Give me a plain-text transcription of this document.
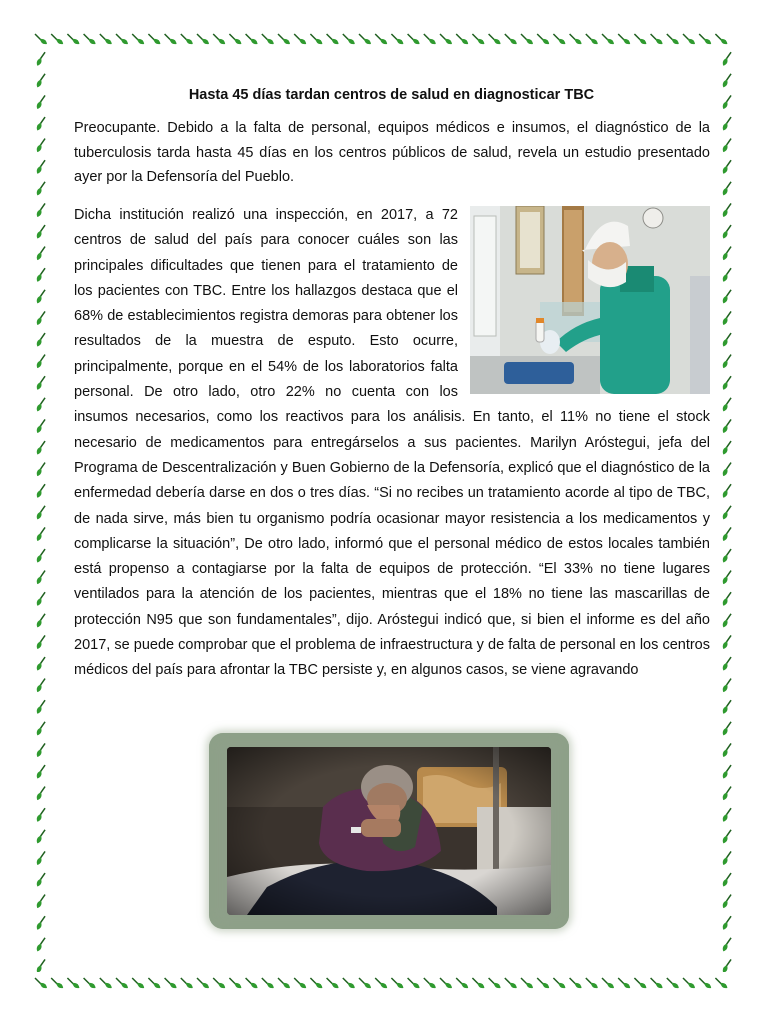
Hasta 45 días tardan centros de salud en diagnosticar TBC

Preocupante. Debido a la falta de personal, equipos médicos e insumos, el diagnóstico de la tuberculosis tarda hasta 45 días en los centros públicos de salud, revela un estudio presentado ayer por la Defensoría del Pueblo.

Dicha institución realizó una inspección, en 2017, a 72 centros de salud del país para conocer cuáles son las principales dificultades que tienen para el tratamiento de los pacientes con TBC. Entre los hallazgos destaca que el 68% de establecimientos registra demoras para obtener los resultados de la muestra de esputo. Esto ocurre, principalmente, porque en el 54% de los laboratorios falta personal. De otro lado, otro 22% no cuenta con los insumos necesarios, como los reactivos para los análisis. En tanto, el 11% no tiene el stock necesario de medicamentos para entregárselos a sus pacientes. Marilyn Aróstegui, jefa del Programa de Descentralización y Buen Gobierno de la Defensoría, explicó que el diagnóstico de la enfermedad debería darse en dos o tres días. “Si no recibes un tratamiento acorde al tipo de TBC, de nada sirve, más bien tu organismo podría ocasionar mayor resistencia a los medicamentos y complicarse la situación”, De otro lado, informó que el personal médico de estos locales también está propenso a contagiarse por la falta de equipos de protección. “El 33% no tiene lugares ventilados para la atención de los pacientes, mientras que el 18% no tiene las mascarillas de protección N95 que son fundamentales”, dijo. Aróstegui indicó que, si bien el informe es del año 2017, se puede comprobar que el problema de infraestructura y de falta de personal en los centros médicos del país para afrontar la TBC persiste y, en algunos casos, se viene agravando
